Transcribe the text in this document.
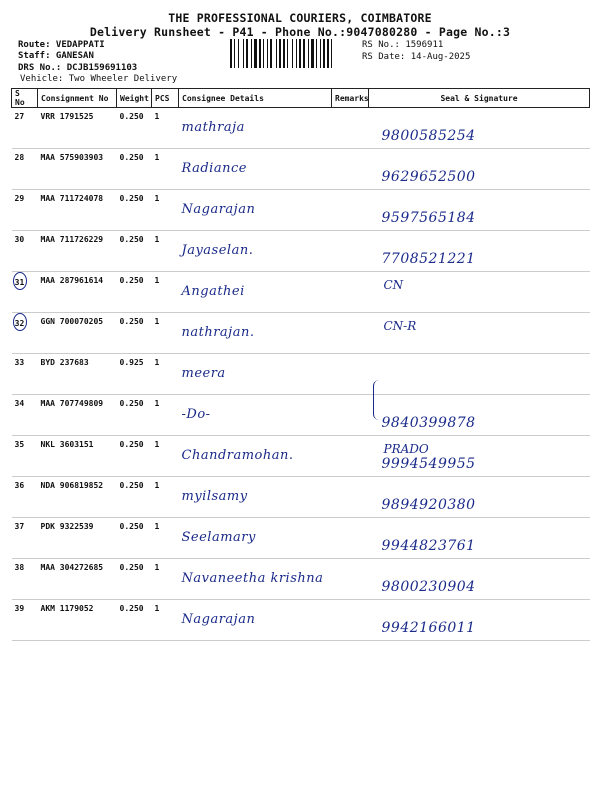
THE PROFESSIONAL COURIERS, COIMBATORE
Delivery Runsheet - P41 - Phone No.:9047080280 - Page No.:3
Route: VEDAPPATI
Staff: GANESAN
DRS No.: DCJB159691103
Vehicle: Two Wheeler Delivery
RS No.: 1596911
RS Date: 14-Aug-2025
S No	Consignment No	Weight	PCS	Consignee Details	Remarks	Seal & Signature

27	VRR 1791525	0.250	1	mathraja		9800585254

28	MAA 575903903	0.250	1	Radiance		9629652500

29	MAA 711724078	0.250	1	Nagarajan		9597565184

30	MAA 711726229	0.250	1	Jayaselan.		7708521221

31	MAA 287961614	0.250	1	Angathei		CN

32	GGN 700070205	0.250	1	nathrajan.		CN-R

33	BYD 237683	0.925	1	meera		

34	MAA 707749809	0.250	1	-Do-		9840399878

35	NKL 3603151	0.250	1	Chandramohan.		PRADO
9994549955

36	NDA 906819852	0.250	1	myilsamy		9894920380

37	PDK 9322539	0.250	1	Seelamary		9944823761

38	MAA 304272685	0.250	1	Navaneetha krishna		9800230904

39	AKM 1179052	0.250	1	Nagarajan		9942166011
